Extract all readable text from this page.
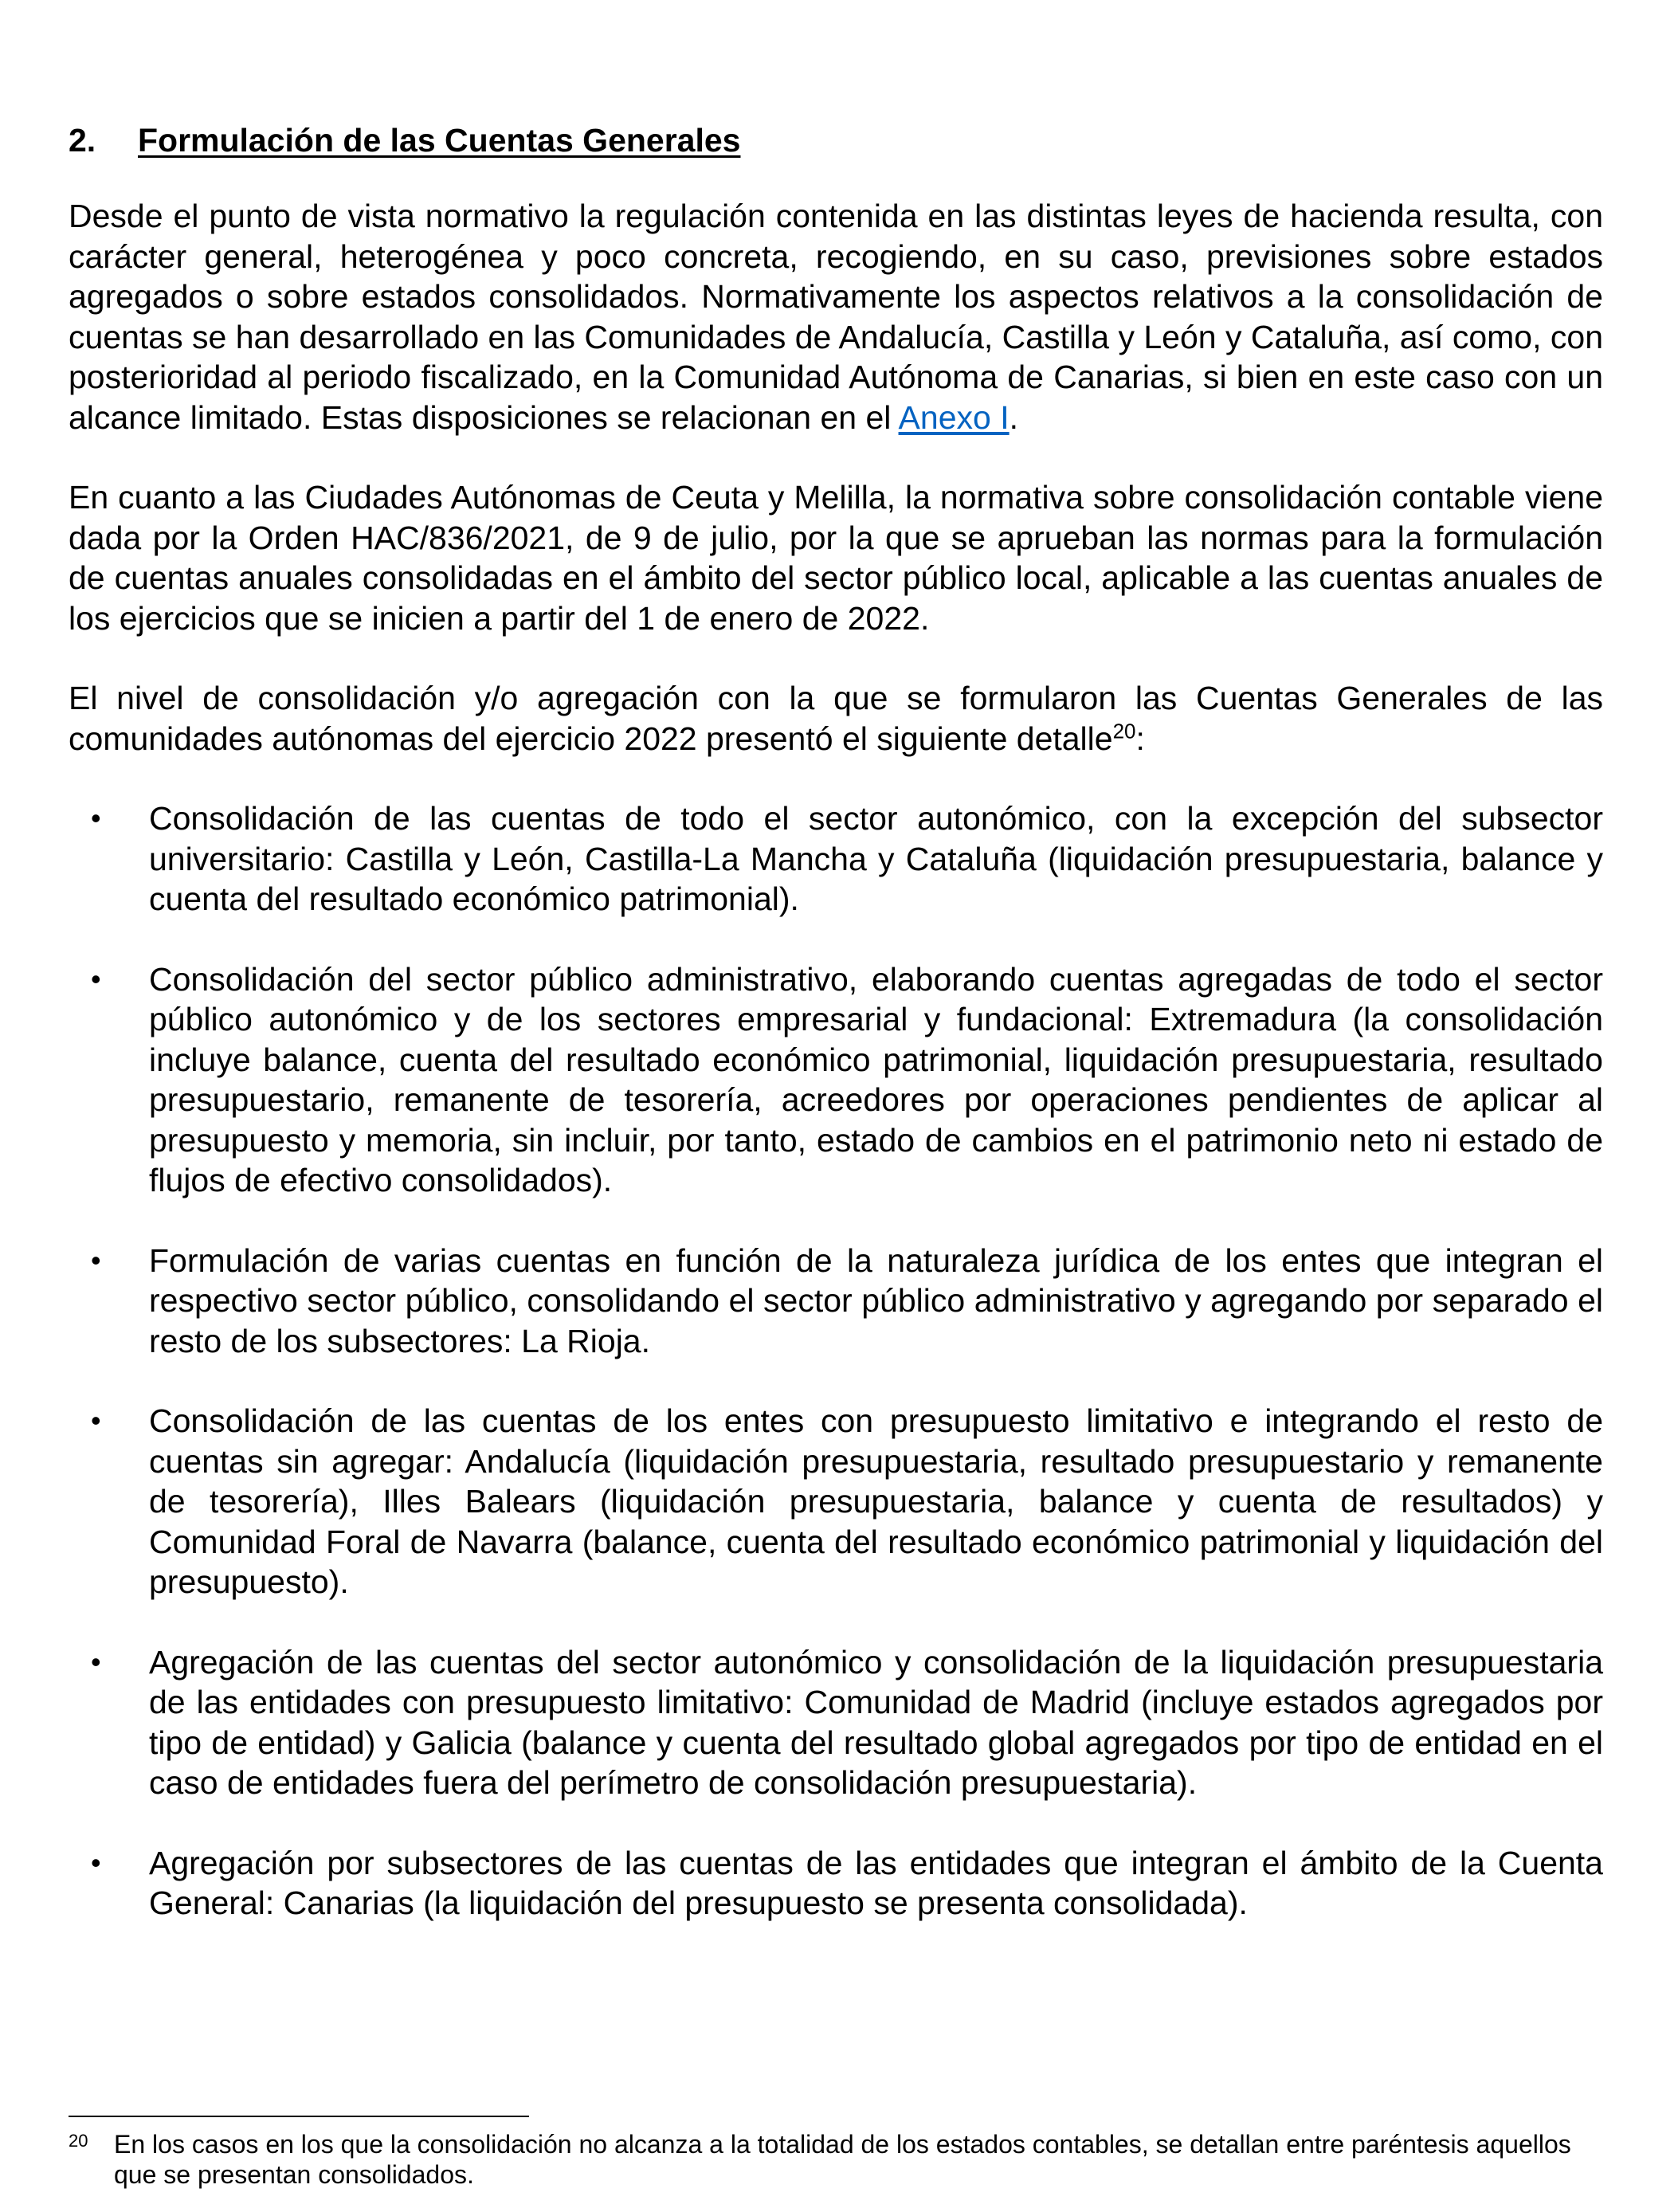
2.	Formulación de las Cuentas Generales

Desde el punto de vista normativo la regulación contenida en las distintas leyes de hacienda resulta, con carácter general, heterogénea y poco concreta, recogiendo, en su caso, previsiones sobre estados agregados o sobre estados consolidados. Normativamente los aspectos relativos a la consolidación de cuentas se han desarrollado en las Comunidades de Andalucía, Castilla y León y Cataluña, así como, con posterioridad al periodo fiscalizado, en la Comunidad Autónoma de Canarias, si bien en este caso con un alcance limitado. Estas disposiciones se relacionan en el Anexo I.

En cuanto a las Ciudades Autónomas de Ceuta y Melilla, la normativa sobre consolidación contable viene dada por la Orden HAC/836/2021, de 9 de julio, por la que se aprueban las normas para la formulación de cuentas anuales consolidadas en el ámbito del sector público local, aplicable a las cuentas anuales de los ejercicios que se inicien a partir del 1 de enero de 2022.

El nivel de consolidación y/o agregación con la que se formularon las Cuentas Generales de las comunidades autónomas del ejercicio 2022 presentó el siguiente detalle$^{20}$:

• Consolidación de las cuentas de todo el sector autonómico, con la excepción del subsector universitario: Castilla y León, Castilla-La Mancha y Cataluña (liquidación presupuestaria, balance y cuenta del resultado económico patrimonial).
• Consolidación del sector público administrativo, elaborando cuentas agregadas de todo el sector público autonómico y de los sectores empresarial y fundacional: Extremadura (la consolidación incluye balance, cuenta del resultado económico patrimonial, liquidación presupuestaria, resultado presupuestario, remanente de tesorería, acreedores por operaciones pendientes de aplicar al presupuesto y memoria, sin incluir, por tanto, estado de cambios en el patrimonio neto ni estado de flujos de efectivo consolidados).
• Formulación de varias cuentas en función de la naturaleza jurídica de los entes que integran el respectivo sector público, consolidando el sector público administrativo y agregando por separado el resto de los subsectores: La Rioja.
• Consolidación de las cuentas de los entes con presupuesto limitativo e integrando el resto de cuentas sin agregar: Andalucía (liquidación presupuestaria, resultado presupuestario y remanente de tesorería), Illes Balears (liquidación presupuestaria, balance y cuenta de resultados) y Comunidad Foral de Navarra (balance, cuenta del resultado económico patrimonial y liquidación del presupuesto).
• Agregación de las cuentas del sector autonómico y consolidación de la liquidación presupuestaria de las entidades con presupuesto limitativo: Comunidad de Madrid (incluye estados agregados por tipo de entidad) y Galicia (balance y cuenta del resultado global agregados por tipo de entidad en el caso de entidades fuera del perímetro de consolidación presupuestaria).
• Agregación por subsectores de las cuentas de las entidades que integran el ámbito de la Cuenta General: Canarias (la liquidación del presupuesto se presenta consolidada).
20	En los casos en los que la consolidación no alcanza a la totalidad de los estados contables, se detallan entre paréntesis aquellos que se presentan consolidados.
